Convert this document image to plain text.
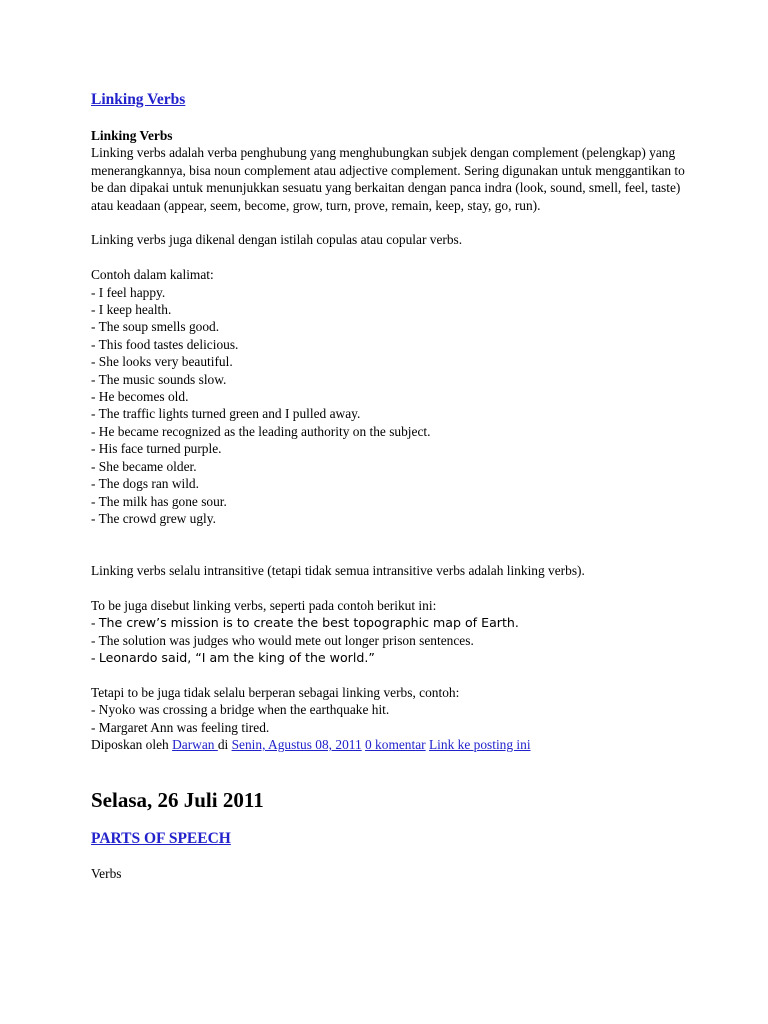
Linking Verbs

Linking Verbs

Linking verbs adalah verba penghubung yang menghubungkan subjek dengan complement (pelengkap) yang menerangkannya, bisa noun complement atau adjective complement. Sering digunakan untuk menggantikan to be dan dipakai untuk menunjukkan sesuatu yang berkaitan dengan panca indra (look, sound, smell, feel, taste) atau keadaan (appear, seem, become, grow, turn, prove, remain, keep, stay, go, run).

Linking verbs juga dikenal dengan istilah copulas atau copular verbs.

Contoh dalam kalimat:

- I feel happy.

- I keep health.

- The soup smells good.

- This food tastes delicious.

- She looks very beautiful.

- The music sounds slow.

- He becomes old.

- The traffic lights turned green and I pulled away.

- He became recognized as the leading authority on the subject.

- His face turned purple.

- She became older.

- The dogs ran wild.

- The milk has gone sour.

- The crowd grew ugly.

Linking verbs selalu intransitive (tetapi tidak semua intransitive verbs adalah linking verbs).

To be juga disebut linking verbs, seperti pada contoh berikut ini:

- The crew’s mission is to create the best topographic map of Earth.

- The solution was judges who would mete out longer prison sentences.

- Leonardo said, “I am the king of the world.”

Tetapi to be juga tidak selalu berperan sebagai linking verbs, contoh:

- Nyoko was crossing a bridge when the earthquake hit.

- Margaret Ann was feeling tired.

Diposkan oleh Darwan di Senin, Agustus 08, 2011 0 komentar Link ke posting ini

Selasa, 26 Juli 2011
PARTS OF SPEECH

Verbs
